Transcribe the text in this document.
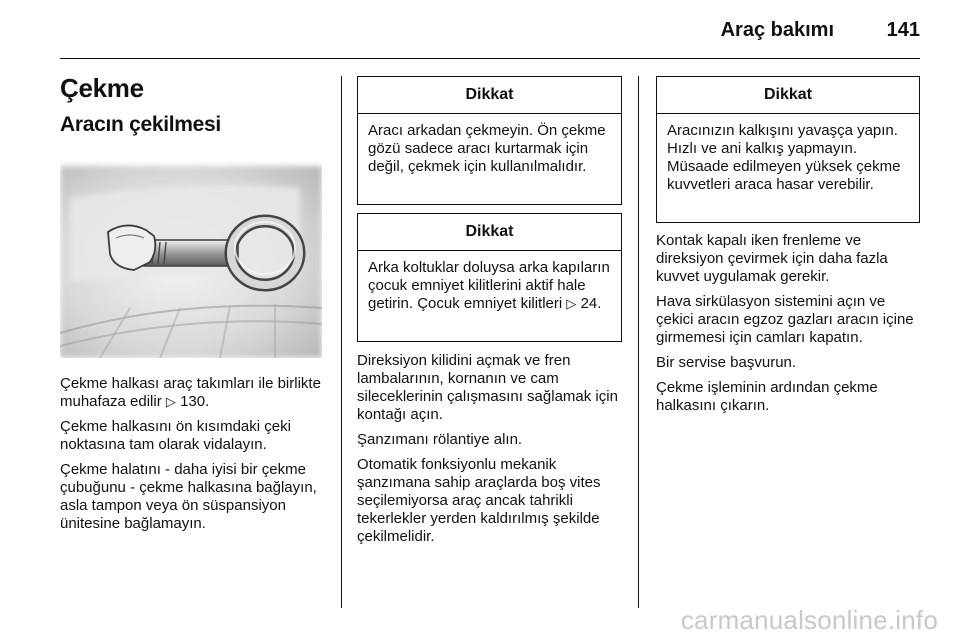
Araç bakımı	141
Çekme
Aracın çekilmesi

Çekme halkası araç takımları ile birlikte muhafaza edilir ▷ 130.

Çekme halkasını ön kısımdaki çeki noktasına tam olarak vidalayın.

Çekme halatını - daha iyisi bir çekme çubuğunu - çekme halkasına bağlayın, asla tampon veya ön süspansiyon ünitesine bağlamayın.

Dikkat
Aracı arkadan çekmeyin. Ön çekme gözü sadece aracı kurtarmak için değil, çekmek için kullanılmalıdır.
Dikkat
Arka koltuklar doluysa arka kapıların çocuk emniyet kilitlerini aktif hale getirin. Çocuk emniyet kilitleri ▷ 24.

Direksiyon kilidini açmak ve fren lambalarının, kornanın ve cam sileceklerinin çalışmasını sağlamak için kontağı açın.

Şanzımanı rölantiye alın.

Otomatik fonksiyonlu mekanik şanzımana sahip araçlarda boş vites seçilemiyorsa araç ancak tahrikli tekerlekler yerden kaldırılmış şekilde çekilmelidir.

Dikkat
Aracınızın kalkışını yavaşça yapın. Hızlı ve ani kalkış yapmayın. Müsaade edilmeyen yüksek çekme kuvvetleri araca hasar verebilir.

Kontak kapalı iken frenleme ve direksiyon çevirmek için daha fazla kuvvet uygulamak gerekir.

Hava sirkülasyon sistemini açın ve çekici aracın egzoz gazları aracın içine girmemesi için camları kapatın.

Bir servise başvurun.

Çekme işleminin ardından çekme halkasını çıkarın.

carmanualsonline.info
